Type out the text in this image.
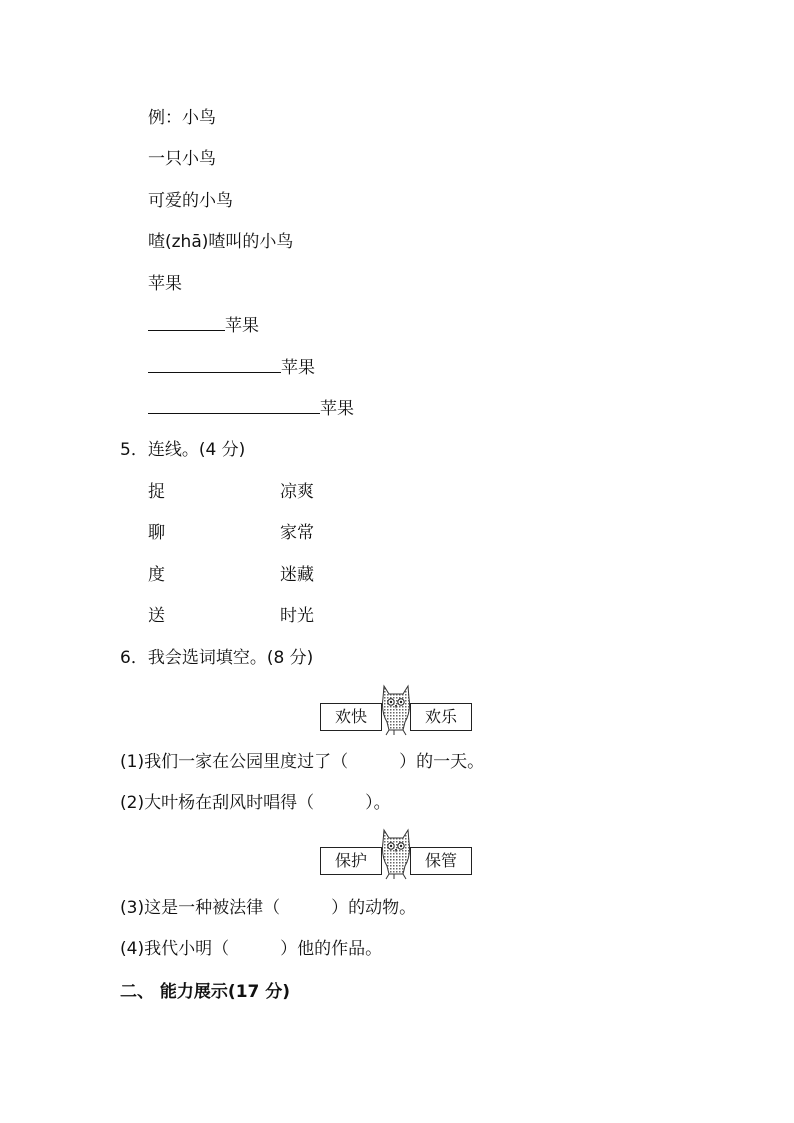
例：小鸟
一只小鸟
可爱的小鸟
喳(zhā)喳叫的小鸟
苹果
苹果
苹果
苹果
5．连线。(4 分)
捉	凉爽
聊	家常
度	迷藏
送	时光
6．我会选词填空。(8 分)
欢快	欢乐
(1)我们一家在公园里度过了（　　　）的一天。
(2)大叶杨在刮风时唱得（　　　）。
保护	保管
(3)这是一种被法律（　　　）的动物。
(4)我代小明（　　　）他的作品。
二、 能力展示(17 分)
